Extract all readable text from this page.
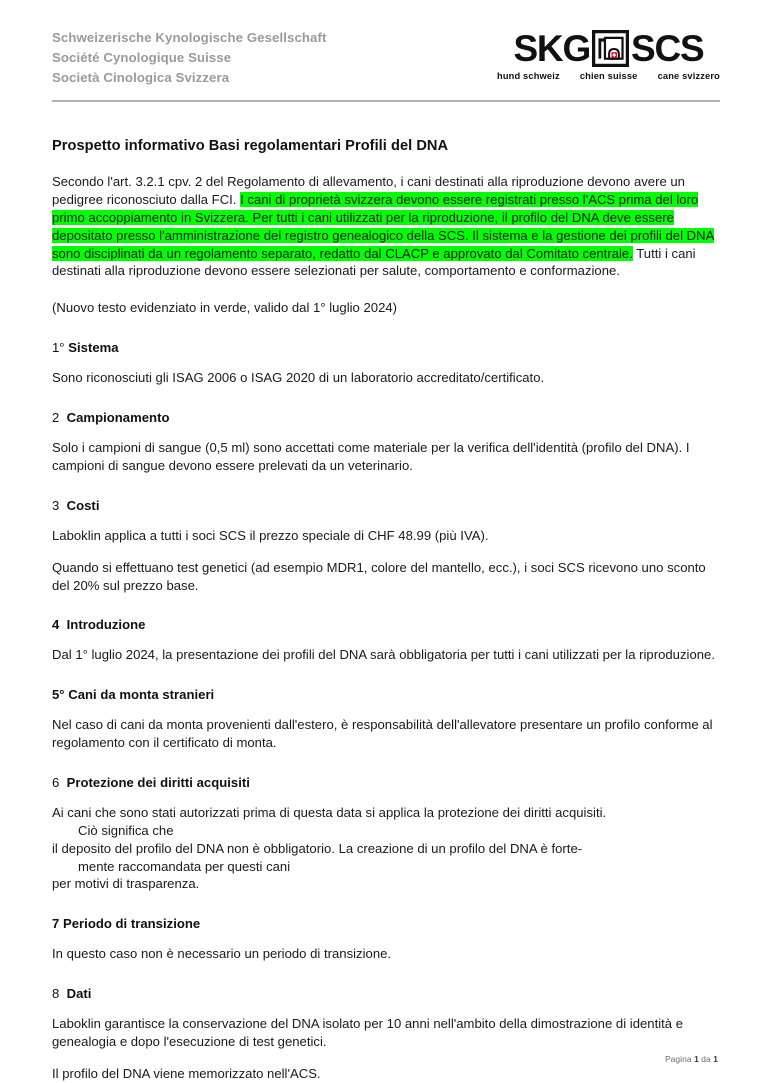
Schweizerische Kynologische Gesellschaft
Société Cynologique Suisse
Società Cinologica Svizzera
SKG SCS
hund schweiz chien suisse cane svizzero
Prospetto informativo Basi regolamentari Profili del DNA

Secondo l'art. 3.2.1 cpv. 2 del Regolamento di allevamento, i cani destinati alla riproduzione devono avere un pedigree riconosciuto dalla FCI. I cani di proprietà svizzera devono essere registrati presso l'ACS prima del loro primo accoppiamento in Svizzera. Per tutti i cani utilizzati per la riproduzione, il profilo del DNA deve essere depositato presso l'amministrazione del registro genealogico della SCS. Il sistema e la gestione dei profili del DNA sono disciplinati da un regolamento separato, redatto dal CLACP e approvato dal Comitato centrale. Tutti i cani destinati alla riproduzione devono essere selezionati per salute, comportamento e conformazione.

(Nuovo testo evidenziato in verde, valido dal 1° luglio 2024)

1° Sistema

Sono riconosciuti gli ISAG 2006 o ISAG 2020 di un laboratorio accreditato/certificato.

2 Campionamento

Solo i campioni di sangue (0,5 ml) sono accettati come materiale per la verifica dell'identità (profilo del DNA). I campioni di sangue devono essere prelevati da un veterinario.

3 Costi

Laboklin applica a tutti i soci SCS il prezzo speciale di CHF 48.99 (più IVA).

Quando si effettuano test genetici (ad esempio MDR1, colore del mantello, ecc.), i soci SCS ricevono uno sconto del 20% sul prezzo base.

4 Introduzione

Dal 1° luglio 2024, la presentazione dei profili del DNA sarà obbligatoria per tutti i cani utilizzati per la riproduzione.

5° Cani da monta stranieri

Nel caso di cani da monta provenienti dall'estero, è responsabilità dell'allevatore presentare un profilo conforme al regolamento con il certificato di monta.

6 Protezione dei diritti acquisiti

Ai cani che sono stati autorizzati prima di questa data si applica la protezione dei diritti acquisiti.
Ciò significa che
il deposito del profilo del DNA non è obbligatorio. La creazione di un profilo del DNA è forte-
mente raccomandata per questi cani
per motivi di trasparenza.

7 Periodo di transizione

In questo caso non è necessario un periodo di transizione.

8 Dati

Laboklin garantisce la conservazione del DNA isolato per 10 anni nell'ambito della dimostrazione di identità e genealogia e dopo l'esecuzione di test genetici.

Il profilo del DNA viene memorizzato nell'ACS.

Pagina 1 da 1
